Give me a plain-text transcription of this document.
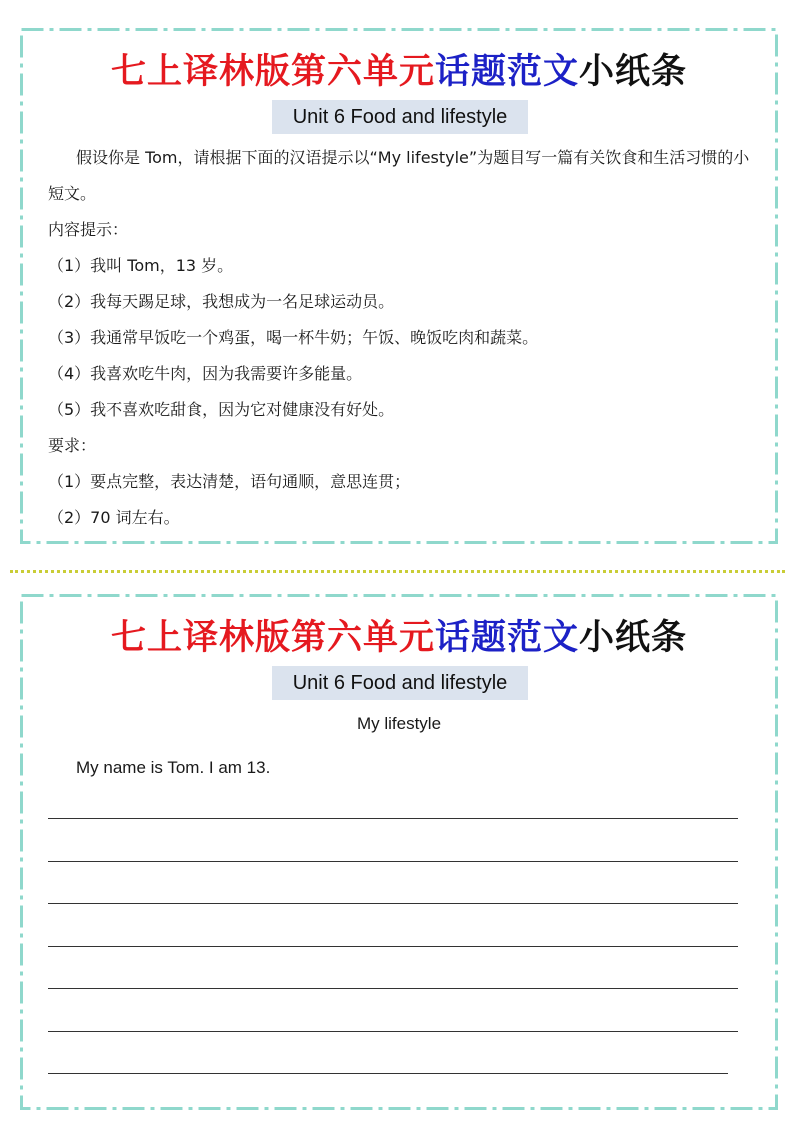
七上译林版第六单元话题范文小纸条
Unit 6 Food and lifestyle

假设你是 Tom，请根据下面的汉语提示以“My lifestyle”为题目写一篇有关饮食和生活习惯的小短文。

内容提示：

（1）我叫 Tom，13 岁。

（2）我每天踢足球，我想成为一名足球运动员。

（3）我通常早饭吃一个鸡蛋，喝一杯牛奶；午饭、晚饭吃肉和蔬菜。

（4）我喜欢吃牛肉，因为我需要许多能量。

（5）我不喜欢吃甜食，因为它对健康没有好处。

要求：

（1）要点完整，表达清楚，语句通顺，意思连贯；

（2）70 词左右。

七上译林版第六单元话题范文小纸条
Unit 6 Food and lifestyle
My lifestyle
My name is Tom. I am 13.
